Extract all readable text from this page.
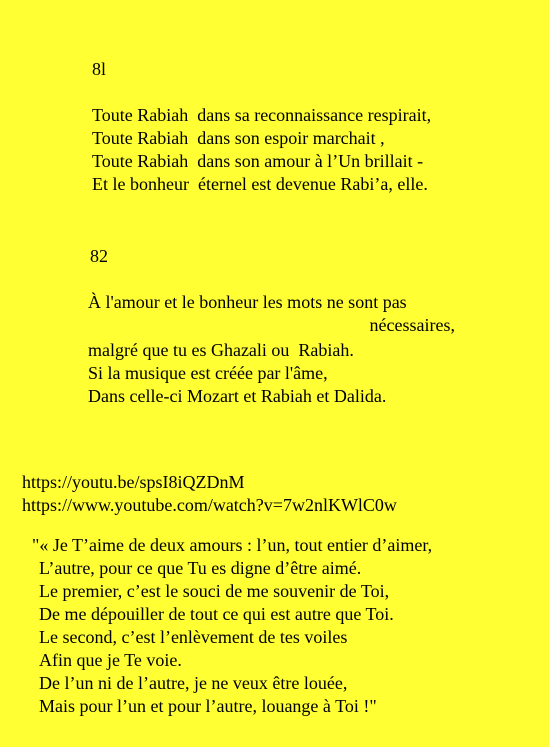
8l
Toute Rabiah  dans sa reconnaissance respirait,
Toute Rabiah  dans son espoir marchait ,
Toute Rabiah  dans son amour à l’Un brillait -
Et le bonheur  éternel est devenue Rabi’a, elle.
82
À l'amour et le bonheur les mots ne sont pas
nécessaires,
malgré que tu es Ghazali ou  Rabiah.
Si la musique est créée par l'âme,
Dans celle-ci Mozart et Rabiah et Dalida.
https://youtu.be/spsI8iQZDnM
https://www.youtube.com/watch?v=7w2nlKWlC0w
"« Je T’aime de deux amours : l’un, tout entier d’aimer,
L’autre, pour ce que Tu es digne d’être aimé.
Le premier, c’est le souci de me souvenir de Toi,
De me dépouiller de tout ce qui est autre que Toi.
Le second, c’est l’enlèvement de tes voiles
Afin que je Te voie.
De l’un ni de l’autre, je ne veux être louée,
Mais pour l’un et pour l’autre, louange à Toi !"
